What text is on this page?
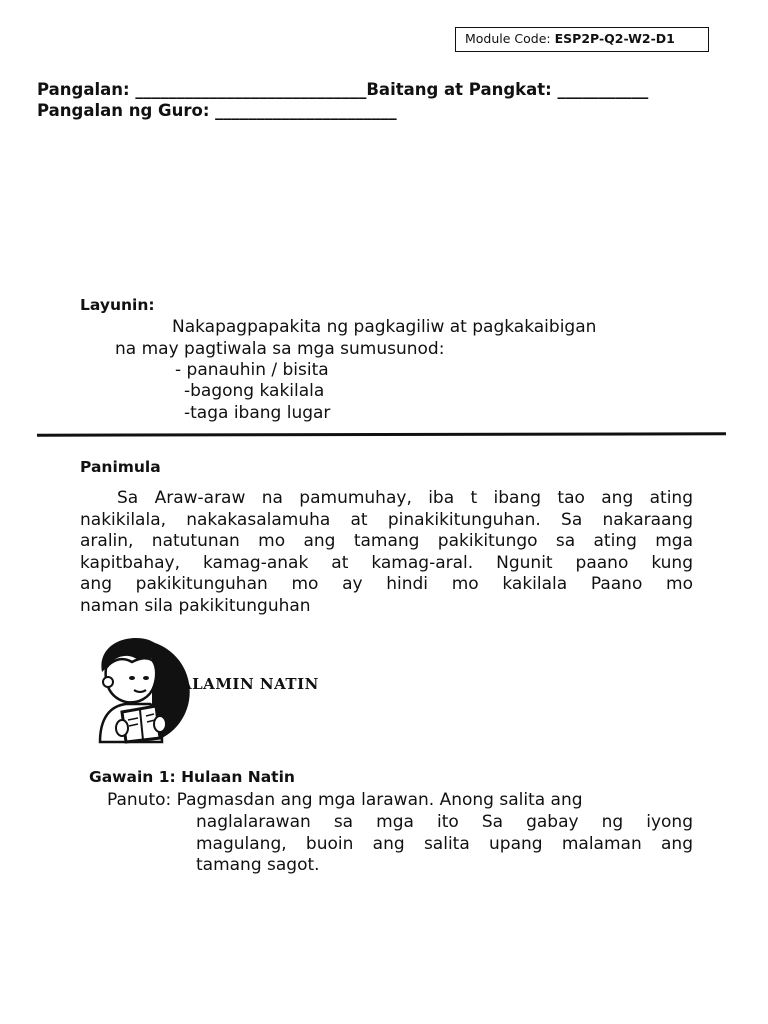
Module Code: ESP2P-Q2-W2-D1
Pangalan: ____________________________Baitang at Pangkat: ___________
Pangalan ng Guro: ______________________
Layunin:
Nakapagpapakita ng pagkagiliw at pagkakaibigan
na may pagtiwala sa mga sumusunod:
- panauhin / bisita
-bagong kakilala
-taga ibang lugar
Panimula
Sa Araw-araw na pamumuhay, iba t ibang tao ang ating
nakikilala, nakakasalamuha at pinakikitunguhan. Sa nakaraang
aralin, natutunan mo ang tamang pakikitungo sa ating mga
kapitbahay, kamag-anak at kamag-aral. Ngunit paano kung
ang pakikitunguhan mo ay hindi mo kakilala Paano mo
naman sila pakikitunguhan
ALAMIN NATIN
Gawain 1: Hulaan Natin
Panuto: Pagmasdan ang mga larawan. Anong salita ang
naglalarawan sa mga ito Sa gabay ng iyong
magulang, buoin ang salita upang malaman ang
tamang sagot.
